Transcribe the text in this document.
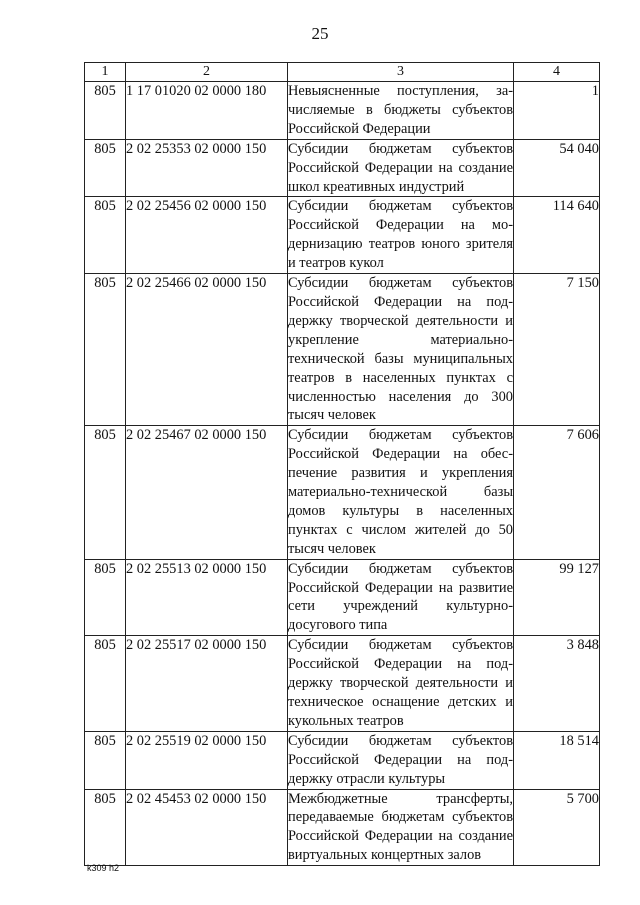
25
1	2	3	4
805	1 17 01020 02 0000 180	Невыясненные поступления, зачисляемые в бюджеты субъектов Российской Федерации	1
805	2 02 25353 02 0000 150	Субсидии бюджетам субъектов Российской Федерации на создание школ креативных индустрий	54 040
805	2 02 25456 02 0000 150	Субсидии бюджетам субъектов Российской Федерации на модернизацию театров юного зрителя и театров кукол	114 640
805	2 02 25466 02 0000 150	Субсидии бюджетам субъектов Российской Федерации на поддержку творческой деятельности и укрепление материально-технической базы муниципальных театров в населенных пунктах с численностью населения до 300 тысяч человек	7 150
805	2 02 25467 02 0000 150	Субсидии бюджетам субъектов Российской Федерации на обеспечение развития и укрепления материально-технической базы домов культуры в населенных пунктах с числом жителей до 50 тысяч человек	7 606
805	2 02 25513 02 0000 150	Субсидии бюджетам субъектов Российской Федерации на развитие сети учреждений культурно-досугового типа	99 127
805	2 02 25517 02 0000 150	Субсидии бюджетам субъектов Российской Федерации на поддержку творческой деятельности и техническое оснащение детских и кукольных театров	3 848
805	2 02 25519 02 0000 150	Субсидии бюджетам субъектов Российской Федерации на поддержку отрасли культуры	18 514
805	2 02 45453 02 0000 150	Межбюджетные трансферты, передаваемые бюджетам субъектов Российской Федерации на создание виртуальных концертных залов	5 700
k309 h2
